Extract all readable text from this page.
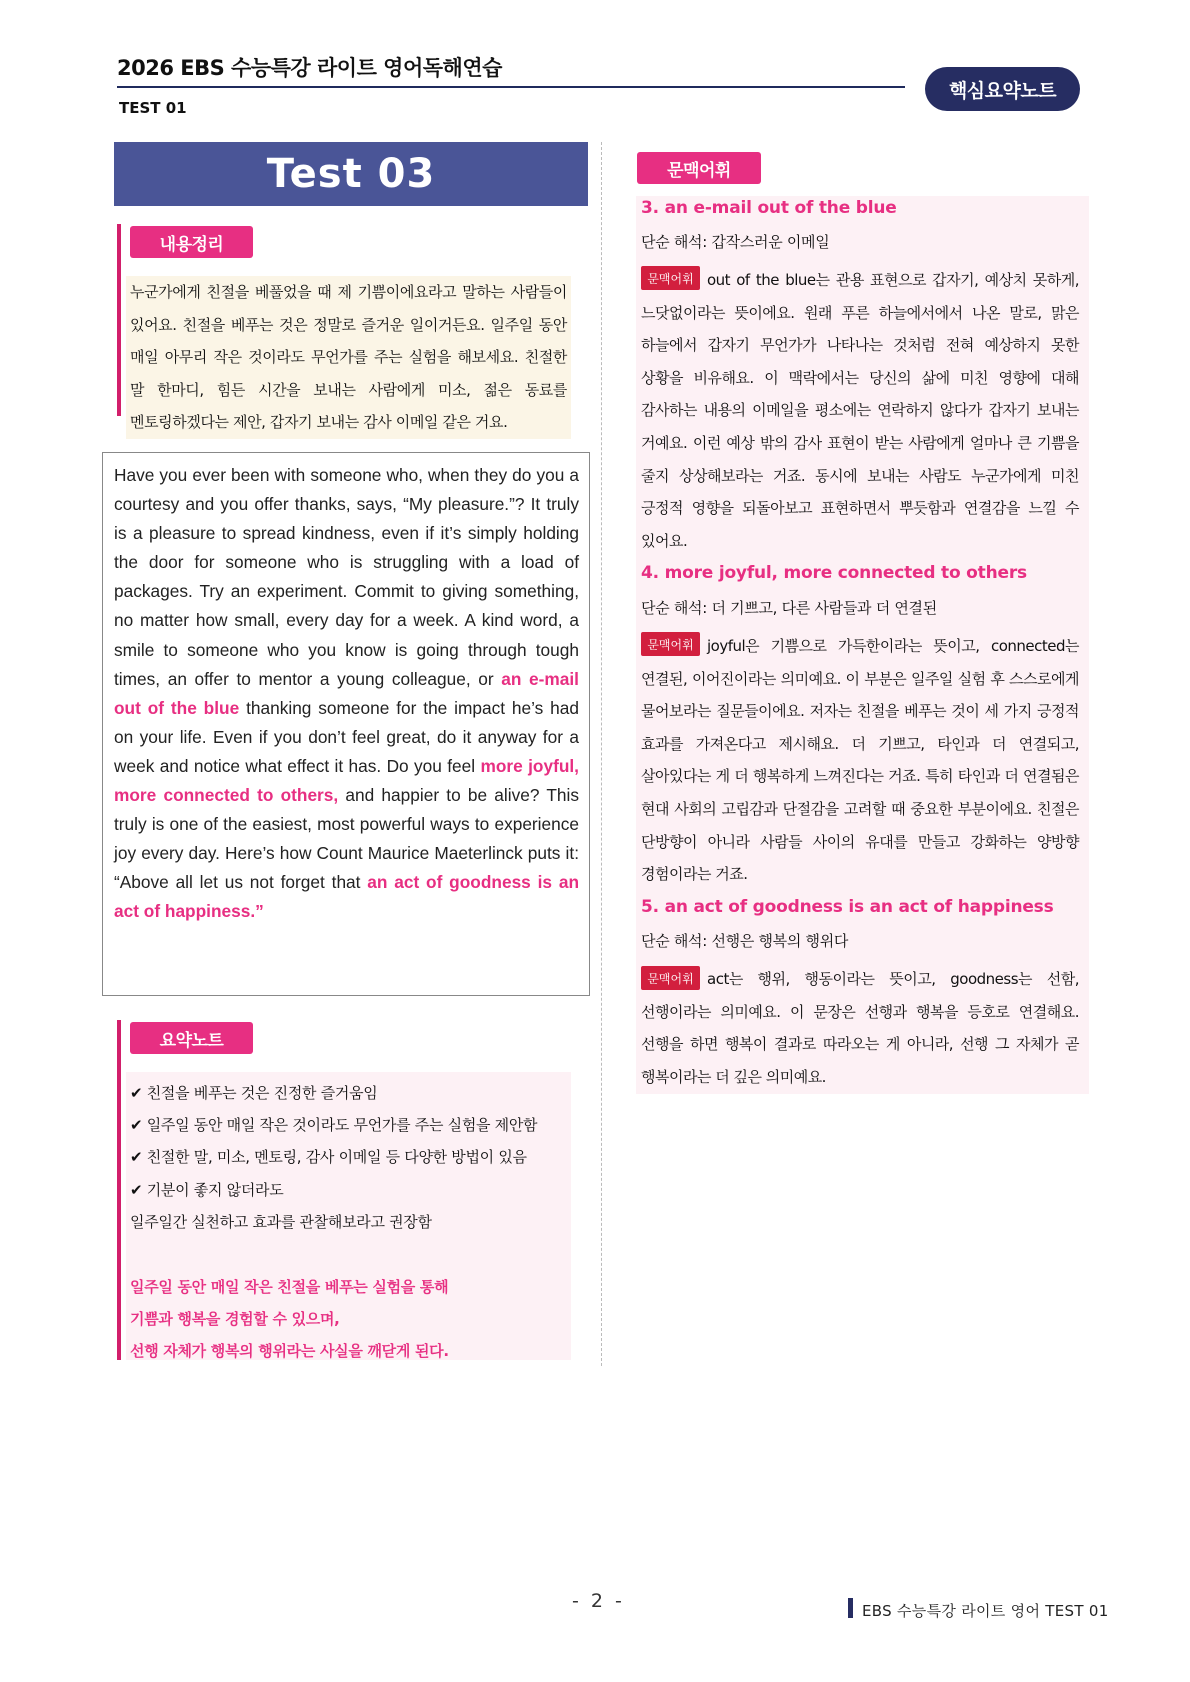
2026 EBS 수능특강 라이트 영어독해연습
TEST 01
핵심요약노트
Test 03
내용정리
누군가에게 친절을 베풀었을 때 제 기쁨이에요라고 말하는 사람들이 있어요. 친절을 베푸는 것은 정말로 즐거운 일이거든요. 일주일 동안 매일 아무리 작은 것이라도 무언가를 주는 실험을 해보세요. 친절한 말 한마디, 힘든 시간을 보내는 사람에게 미소, 젊은 동료를 멘토링하겠다는 제안, 갑자기 보내는 감사 이메일 같은 거요.
Have you ever been with someone who, when they do you a courtesy and you offer thanks, says, “My pleasure.”? It truly is a pleasure to spread kindness, even if it’s simply holding the door for someone who is struggling with a load of packages. Try an experiment. Commit to giving something, no matter how small, every day for a week. A kind word, a smile to someone who you know is going through tough times, an offer to mentor a young colleague, or an e-mail out of the blue thanking someone for the impact he’s had on your life. Even if you don’t feel great, do it anyway for a week and notice what effect it has. Do you feel more joyful, more connected to others, and happier to be alive? This truly is one of the easiest, most powerful ways to experience joy every day. Here’s how Count Maurice Maeterlinck puts it: “Above all let us not forget that an act of goodness is an act of happiness.”
요약노트
✔ 친절을 베푸는 것은 진정한 즐거움임
✔ 일주일 동안 매일 작은 것이라도 무언가를 주는 실험을 제안함
✔ 친절한 말, 미소, 멘토링, 감사 이메일 등 다양한 방법이 있음
✔ 기분이 좋지 않더라도
일주일간 실천하고 효과를 관찰해보라고 권장함
일주일 동안 매일 작은 친절을 베푸는 실험을 통해
기쁨과 행복을 경험할 수 있으며,
선행 자체가 행복의 행위라는 사실을 깨닫게 된다.
문맥어휘
3. an e-mail out of the blue
단순 해석: 갑작스러운 이메일
문맥어휘 out of the blue는 관용 표현으로 갑자기, 예상치 못하게, 느닷없이라는 뜻이에요. 원래 푸른 하늘에서에서 나온 말로, 맑은 하늘에서 갑자기 무언가가 나타나는 것처럼 전혀 예상하지 못한 상황을 비유해요. 이 맥락에서는 당신의 삶에 미친 영향에 대해 감사하는 내용의 이메일을 평소에는 연락하지 않다가 갑자기 보내는 거예요. 이런 예상 밖의 감사 표현이 받는 사람에게 얼마나 큰 기쁨을 줄지 상상해보라는 거죠. 동시에 보내는 사람도 누군가에게 미친 긍정적 영향을 되돌아보고 표현하면서 뿌듯함과 연결감을 느낄 수 있어요.
4. more joyful, more connected to others
단순 해석: 더 기쁘고, 다른 사람들과 더 연결된
문맥어휘 joyful은 기쁨으로 가득한이라는 뜻이고, connected는 연결된, 이어진이라는 의미예요. 이 부분은 일주일 실험 후 스스로에게 물어보라는 질문들이에요. 저자는 친절을 베푸는 것이 세 가지 긍정적 효과를 가져온다고 제시해요. 더 기쁘고, 타인과 더 연결되고, 살아있다는 게 더 행복하게 느껴진다는 거죠. 특히 타인과 더 연결됨은 현대 사회의 고립감과 단절감을 고려할 때 중요한 부분이에요. 친절은 단방향이 아니라 사람들 사이의 유대를 만들고 강화하는 양방향 경험이라는 거죠.
5. an act of goodness is an act of happiness
단순 해석: 선행은 행복의 행위다
문맥어휘 act는 행위, 행동이라는 뜻이고, goodness는 선함, 선행이라는 의미예요. 이 문장은 선행과 행복을 등호로 연결해요. 선행을 하면 행복이 결과로 따라오는 게 아니라, 선행 그 자체가 곧 행복이라는 더 깊은 의미예요.
- 2 -	EBS 수능특강 라이트 영어 TEST 01
